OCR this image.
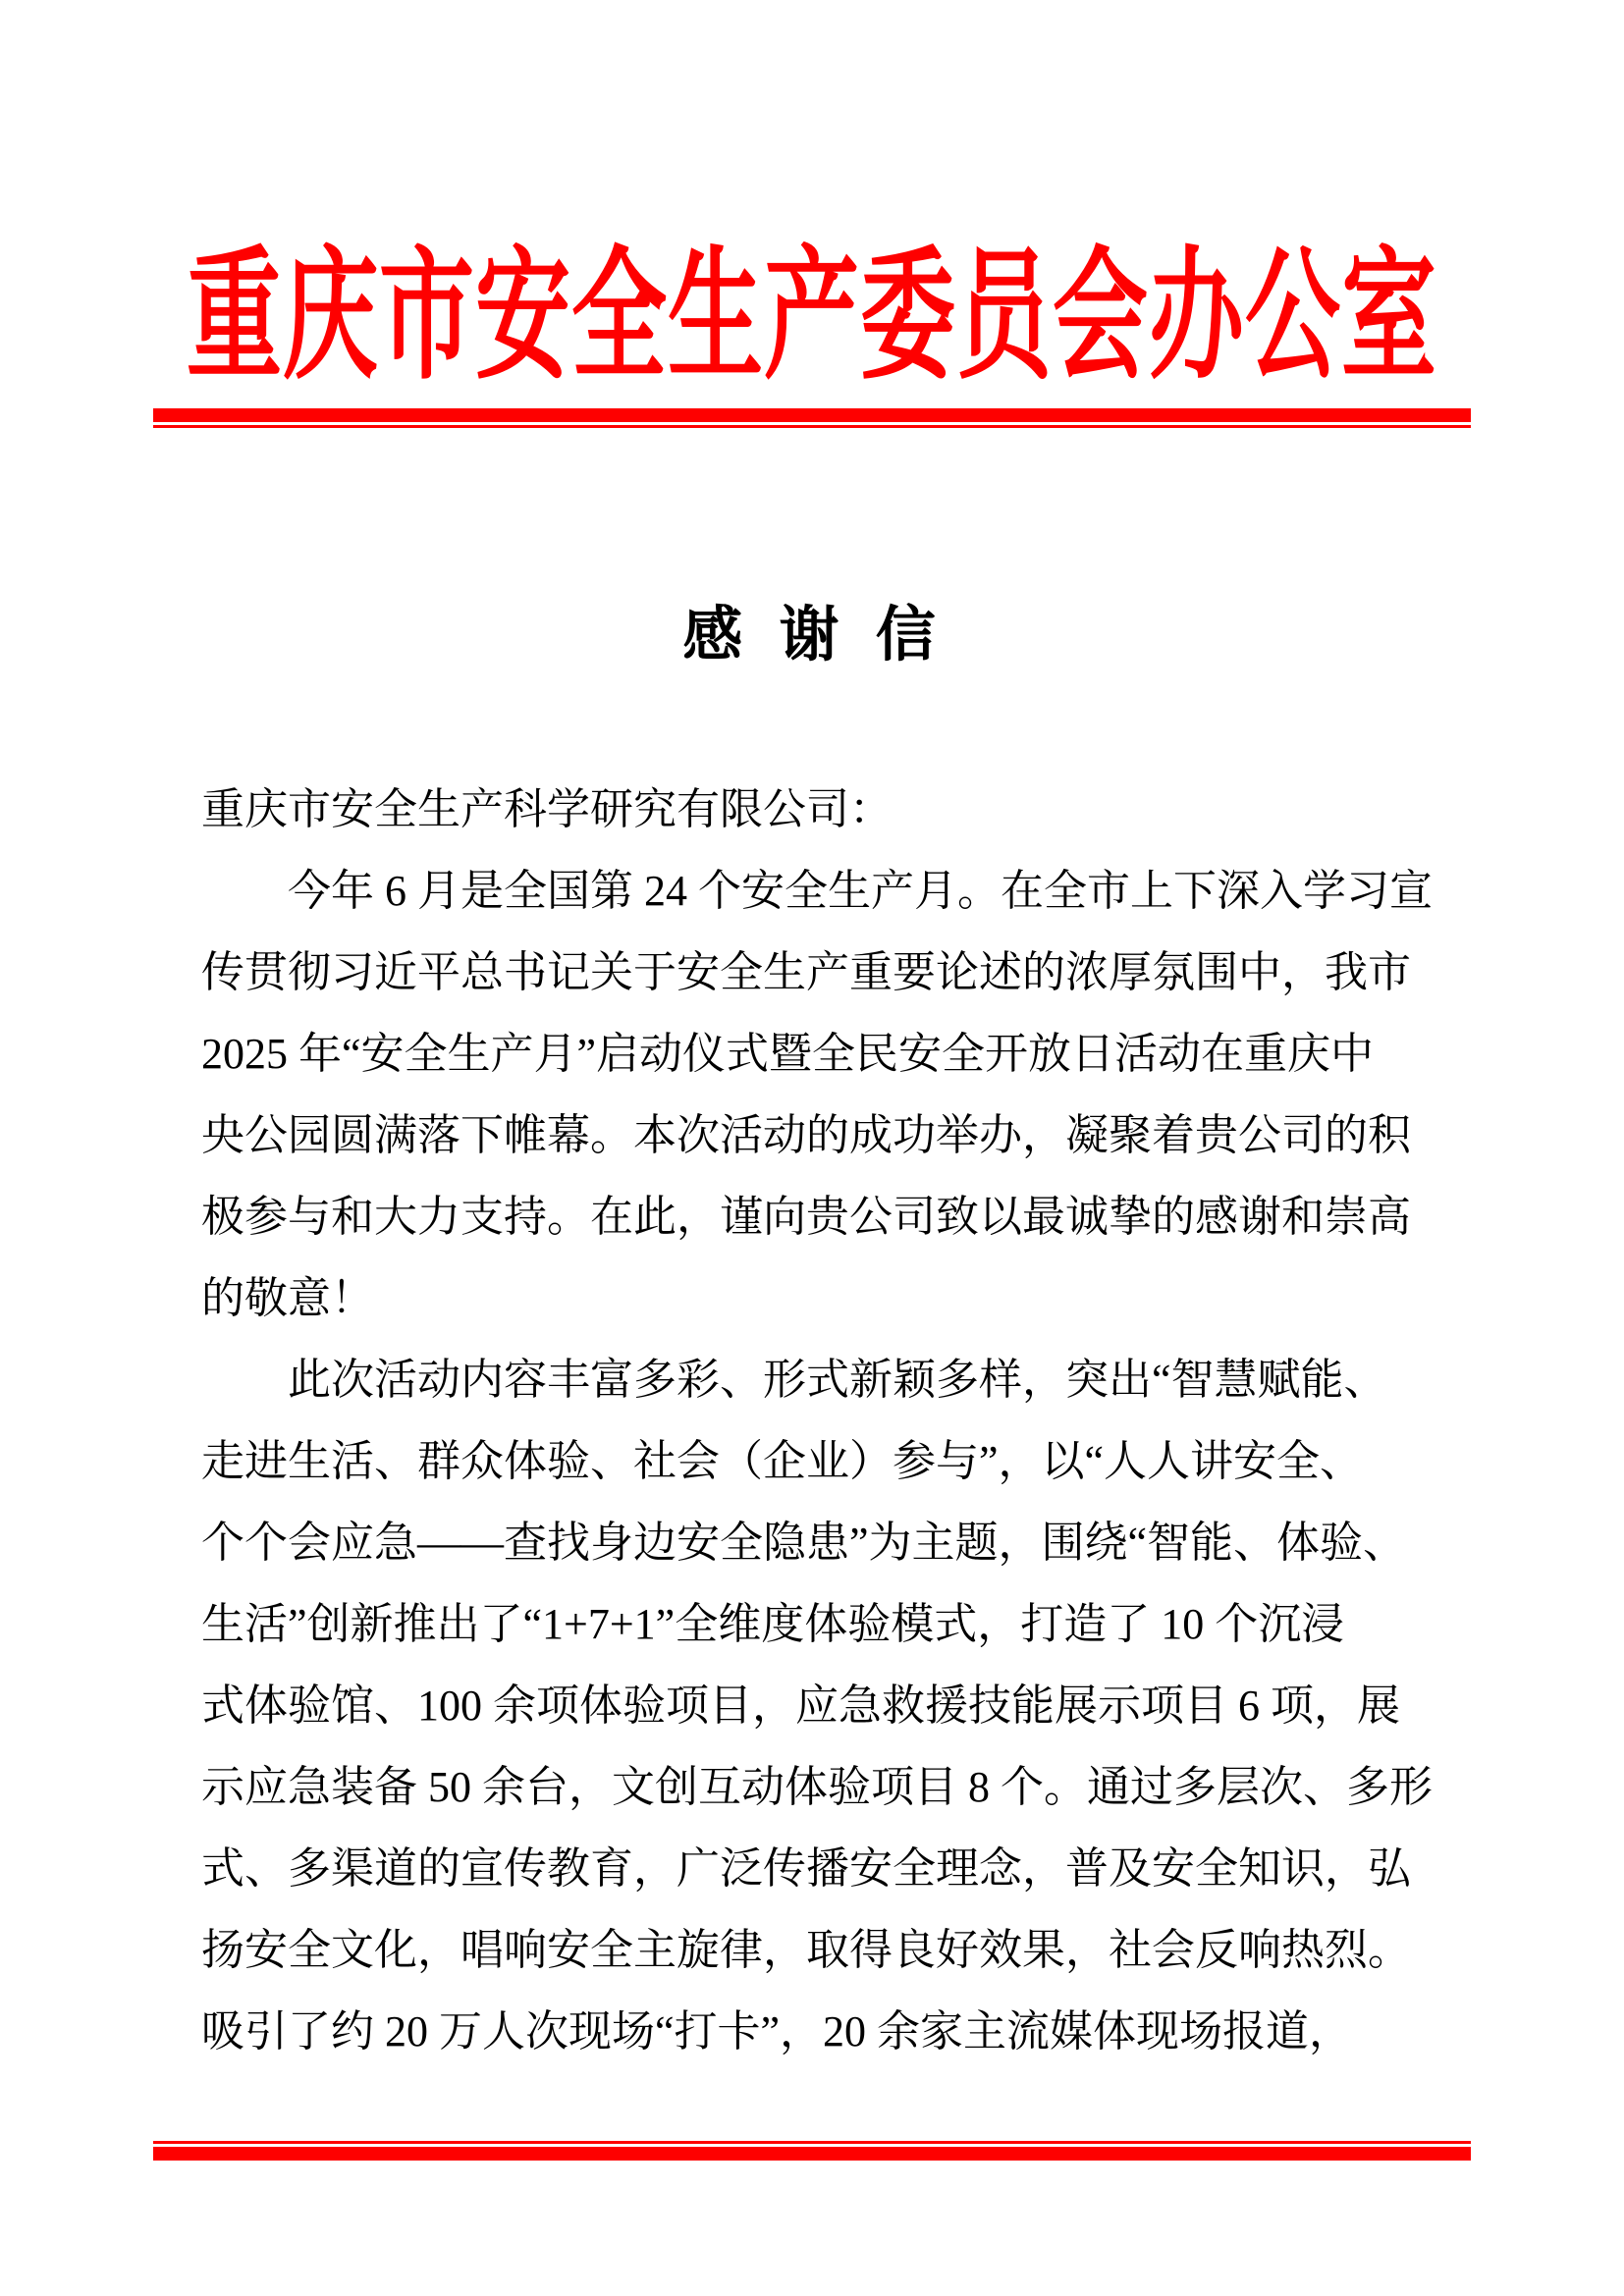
重庆市安全生产委员会办公室
感 谢 信
重庆市安全生产科学研究有限公司：
今年 6 月是全国第 24 个安全生产月。在全市上下深入学习宣
传贯彻习近平总书记关于安全生产重要论述的浓厚氛围中，我市
2025 年“安全生产月”启动仪式暨全民安全开放日活动在重庆中
央公园圆满落下帷幕。本次活动的成功举办，凝聚着贵公司的积
极参与和大力支持。在此，谨向贵公司致以最诚挚的感谢和崇高
的敬意！
此次活动内容丰富多彩、形式新颖多样，突出“智慧赋能、
走进生活、群众体验、社会（企业）参与”，以“人人讲安全、
个个会应急——查找身边安全隐患”为主题，围绕“智能、体验、
生活”创新推出了“1+7+1”全维度体验模式，打造了 10 个沉浸
式体验馆、100 余项体验项目，应急救援技能展示项目 6 项，展
示应急装备 50 余台，文创互动体验项目 8 个。通过多层次、多形
式、多渠道的宣传教育，广泛传播安全理念，普及安全知识，弘
扬安全文化，唱响安全主旋律，取得良好效果，社会反响热烈。
吸引了约 20 万人次现场“打卡”，20 余家主流媒体现场报道，
